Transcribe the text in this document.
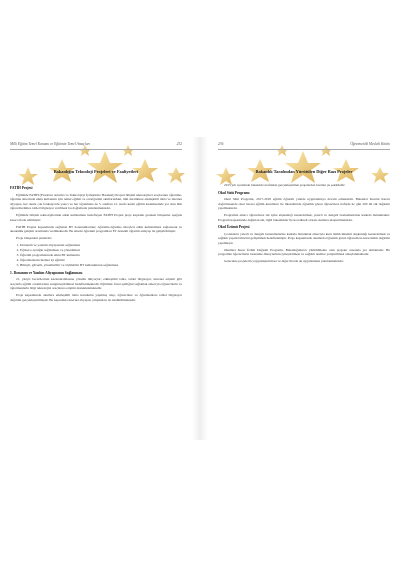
Milli Eğitim Temel Kanunu ve Eğitimin Temel Amaçları	232
Bakanlığın Teknoloji Projeleri ve Faaliyetleri
FATİH Projesi

Eğitimde FATİH (Fırsatları Artırma ve Teknolojiyi İyileştirme Hareketi) Projesi bilişim teknolojileri araçlarının öğrenme-öğretme sürecinde etkin kullanımı için temel eğitim ve ortaöğretim okullarındaki, tüm dersliklere etkileşimli tahta ve internet altyapısı, her okula çok fonksiyonlu yazıcı ve her öğretmene de 5. sınıftan 12. sınıfa kadar eğitim kademesinde yer alan tüm öğrencilerimize tablet bilgisayar verilmesi bu doğrultuda planlanmaktadır.

Eğitimde bilişim teknolojilerinin etkin kullanımını hedefleyen FATİH Projesi proje kapsamı gereken bileşenler aşağıda kısaca ifade edilmiştir:

FATİH Projesi kapsamında sağlanan BT donanımlarının; öğrenme-öğretme süreçleri etkin kullanılması sağlanarak ve akademik gelişim ortamında verilmektedir. Bu sürede öğrenim programları ET destekli öğretim anlayışı ile geliştirilmiştir.

Proje bileşenleri şunlardır:

1. Donanım ve yazılım altyapısının sağlanması
2. Eğitsel e-içeriğin sağlanması ve yönetilmesi
3. Öğretim programlarında etkin BT kullanımı
4. Öğretmenlerin hizmet içi eğitimi
5. Bilinçli, güvenli, yönetilebilir ve ölçülebilir BT kullanımının sağlanması
1. Donanım ve Yazılım Altyapısının Sağlanması

21. yüzyıl becerilerinin kazandırılmasına yönelik ihtiyaçlar; etkileşimli tahta, tablet bilgisayar, internet erişimi gibi araçlarla eğitim ortamlarının zenginleştirilmesi hedeflenmektedir. Eğitimde fırsat eşitliğini sağlamak amacıyla öğrencilerin ve öğretmenlerin bilgi teknolojisi araçlarına erişimi desteklenmektedir.

Proje kapsamında okullara etkileşimli tahta kurulumu yapılmış olup, öğrencilere ve öğretmenlere tablet bilgisayar dağıtımı gerçekleştirilmiştir. Bu kapsamda internet altyapısı çalışmaları da sürdürülmektedir.

236	Öğretmenlik Mesleki Kitabı
Bakanlık Tarafından Yürütülen Diğer Bazı Projeler

2015 yılı içerisinde bakanlık tarafından gerçekleştirilen projelerden bazıları şu şekildedir:

Okul Sütü Programı

Okul Sütü Programı, 2017-2018 eğitim öğretim yılında uygulanmaya devam etmektedir. Bakanlar Kurulu Kararı doğrultusunda okul öncesi eğitim kurumları ile ilkokullarda öğrenim gören öğrencilere haftada üç gün 200 ml süt dağıtımı yapılmaktadır.

Programın amacı öğrencilere süt içme alışkanlığı kazandırmak, yeterli ve dengeli beslenmelerine katkıda bulunmaktır. Program kapsamında dağıtılan süt, ilgili bakanlıklar ile koordineli olarak okullara ulaştırılmaktadır.

Okul Üzümü Projesi

Çocukların yeterli ve dengeli beslenmelerine katkıda bulunmak amacıyla kuru üzüm tüketim alışkanlığı kazandırmak ve sağlıklı yaşam bilincini geliştirmek hedeflenmiştir. Proje kapsamında okullarda öğrenim gören öğrencilere kuru üzüm dağıtımı yapılmıştır.

Okullara Kuru Üzüm Dağıtım Programı, Bakanlığımızca yürütülmekte olan projeler arasında yer almaktadır. Bu programla öğrencilerin beslenme düzeylerinin iyileştirilmesi ve sağlıklı nesiller yetiştirilmesi amaçlanmaktadır.

Gelecekte projelerin yaygınlaştırılması ve diğer illerde de uygulanması planlanmaktadır.
